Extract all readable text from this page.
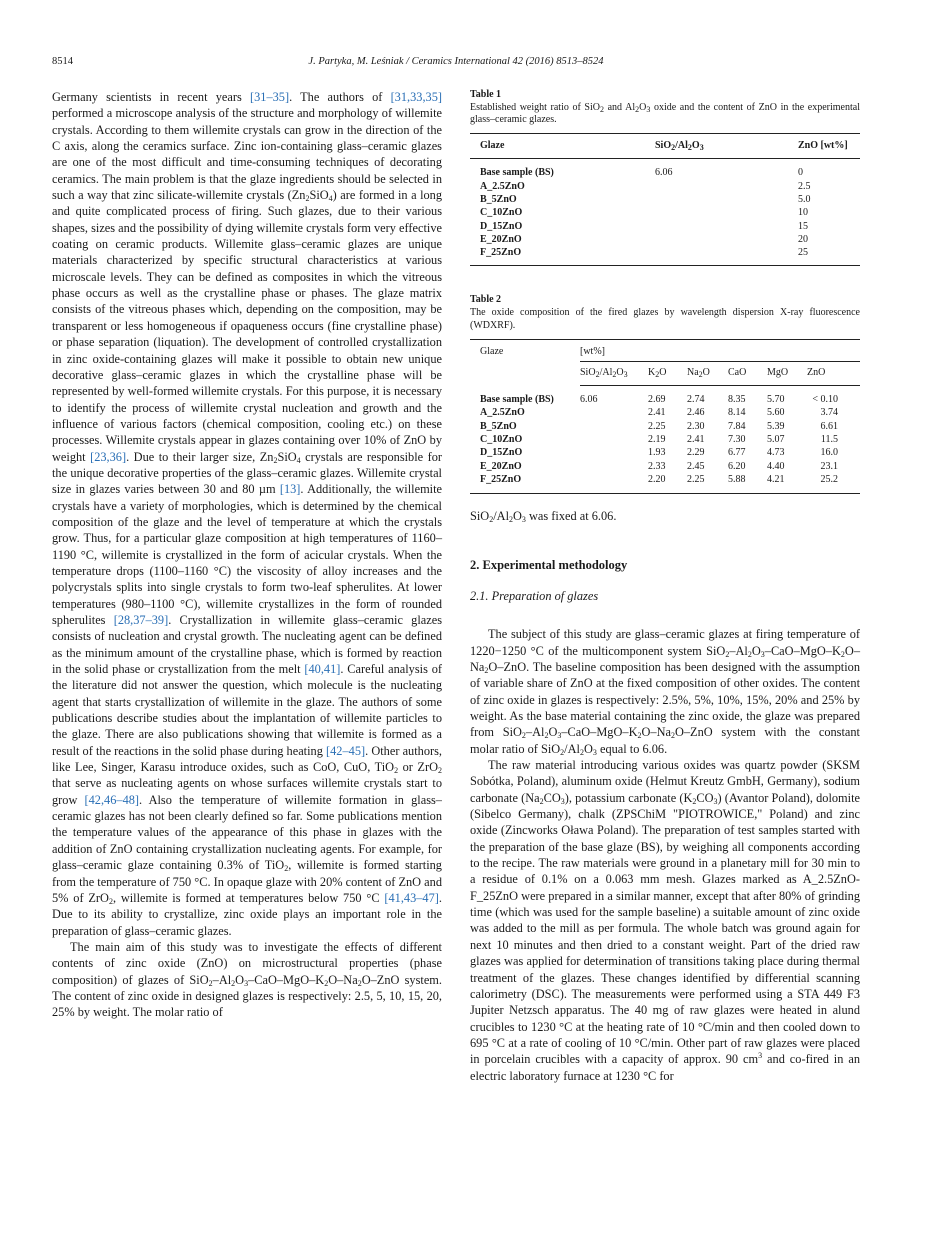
8514	J. Partyka, M. Leśniak / Ceramics International 42 (2016) 8513–8524

Germany scientists in recent years [31–35]. The authors of [31,33,35] performed a microscope analysis of the structure and morphology of willemite crystals. According to them willemite crystals can grow in the direction of the C axis, along the ceramics surface. Zinc ion-containing glass–ceramic glazes are one of the most difficult and time-consuming techniques of decorating ceramics. The main problem is that the glaze ingredients should be selected in such a way that zinc silicate-willemite crystals $(Zn_2SiO_4)$ are formed in a long and quite complicated process of firing. Such glazes, due to their various shapes, sizes and the possibility of dying willemite crystals form very effective coating on ceramic products. Willemite glass–ceramic glazes are unique materials characterized by specific structural characteristics at various microscale levels. They can be defined as composites in which the vitreous phase occurs as well as the crystalline phase or phases. The glaze matrix consists of the vitreous phases which, depending on the composition, may be transparent or less homogeneous if opaqueness occurs (fine crystalline phase) or phase separation (liquation). The development of controlled crystallization in zinc oxide-containing glazes will make it possible to obtain new unique decorative glass–ceramic glazes in which the crystalline phase will be represented by well-formed willemite crystals. For this purpose, it is necessary to identify the process of willemite crystal nucleation and growth and the influence of various factors (chemical composition, cooling etc.) on these processes. Willemite crystals appear in glazes containing over 10% of ZnO by weight [23,36]. Due to their larger size, $Zn_2SiO_4$ crystals are responsible for the unique decorative properties of the glass–ceramic glazes. Willemite crystal size in glazes varies between 30 and 80 µm [13]. Additionally, the willemite crystals have a variety of morphologies, which is determined by the chemical composition of the glaze and the level of temperature at which the crystals grow. Thus, for a particular glaze composition at high temperatures of 1160–1190 °C, willemite is crystallized in the form of acicular crystals. When the temperature drops (1100–1160 °C) the viscosity of alloy increases and the polycrystals splits into single crystals to form two-leaf spherulites. At lower temperatures (980–1100 °C), willemite crystallizes in the form of rounded spherulites [28,37–39]. Crystallization in willemite glass–ceramic glazes consists of nucleation and crystal growth. The nucleating agent can be defined as the minimum amount of the crystalline phase, which is formed by reaction in the solid phase or crystallization from the melt [40,41]. Careful analysis of the literature did not answer the question, which molecule is the nucleating agent that starts crystallization of willemite in the glaze. The authors of some publications describe studies about the implantation of willemite particles to the glaze. There are also publications showing that willemite is formed as a result of the reactions in the solid phase during heating [42–45]. Other authors, like Lee, Singer, Karasu introduce oxides, such as CoO, CuO, TiO$_2$ or ZrO$_2$ that serve as nucleating agents on whose surfaces willemite crystals start to grow [42,46–48]. Also the temperature of willemite formation in glass–ceramic glazes has not been clearly defined so far. Some publications mention the temperature values of the appearance of this phase in glazes with the addition of ZnO containing crystallization nucleating agents. For example, for glass–ceramic glaze containing 0.3% of TiO$_2$, willemite is formed starting from the temperature of 750 °C. In opaque glaze with 20% content of ZnO and 5% of ZrO$_2$, willemite is formed at temperatures below 750 °C [41,43–47]. Due to its ability to crystallize, zinc oxide plays an important role in the preparation of glass–ceramic glazes.

The main aim of this study was to investigate the effects of different contents of zinc oxide (ZnO) on microstructural properties (phase composition) of glazes of $SiO_2-Al_2O_3-CaO-MgO-K_2O-Na_2O$–ZnO system. The content of zinc oxide in designed glazes is respectively: 2.5, 5, 10, 15, 20, 25% by weight. The molar ratio of

Table 1
Established weight ratio of SiO$_2$ and $Al_2O_3$ oxide and the content of ZnO in the experimental glass–ceramic glazes.

Glaze	$SiO_2/Al_2O_3$	ZnO [wt%]
Base sample (BS)	6.06	0
A_2.5ZnO		2.5
B_5ZnO		5.0
C_10ZnO		10
D_15ZnO		15
E_20ZnO		20
F_25ZnO		25

Table 2
The oxide composition of the fired glazes by wavelength dispersion X-ray fluorescence (WDXRF).

Glaze	[wt%]					
	$SiO_2/Al_2O_3$	$K_2O$	$Na_2O$	CaO	MgO	ZnO
Base sample (BS)	6.06	2.69	2.74	8.35	5.70	< 0.10
A_2.5ZnO		2.41	2.46	8.14	5.60	3.74
B_5ZnO		2.25	2.30	7.84	5.39	6.61
C_10ZnO		2.19	2.41	7.30	5.07	11.5
D_15ZnO		1.93	2.29	6.77	4.73	16.0
E_20ZnO		2.33	2.45	6.20	4.40	23.1
F_25ZnO		2.20	2.25	5.88	4.21	25.2

$SiO_2/Al_2O_3$ was fixed at 6.06.

2. Experimental methodology

2.1. Preparation of glazes

The subject of this study are glass–ceramic glazes at firing temperature of 1220−1250 °C of the multicomponent system $SiO_2-Al_2O_3-CaO-MgO-K_2O-Na_2O$–ZnO. The baseline composition has been designed with the assumption of variable share of ZnO at the fixed composition of other oxides. The content of zinc oxide in glazes is respectively: 2.5%, 5%, 10%, 15%, 20% and 25% by weight. As the base material containing the zinc oxide, the glaze was prepared from $SiO_2-Al_2O_3-CaO-MgO-K_2O-Na_2O$–ZnO system with the constant molar ratio of $SiO_2/Al_2O_3$ equal to 6.06.

The raw material introducing various oxides was quartz powder (SKSM Sobótka, Poland), aluminum oxide (Helmut Kreutz GmbH, Germany), sodium carbonate $(Na_2CO_3)$, potassium carbonate $(K_2CO_3)$ (Avantor Poland), dolomite (Sibelco Germany), chalk (ZPSChiM "PIOTROWICE," Poland) and zinc oxide (Zincworks Oława Poland). The preparation of test samples started with the preparation of the base glaze (BS), by weighing all components according to the recipe. The raw materials were ground in a planetary mill for 30 min to a residue of 0.1% on a 0.063 mm mesh. Glazes marked as A_2.5ZnO-F_25ZnO were prepared in a similar manner, except that after 80% of grinding time (which was used for the sample baseline) a suitable amount of zinc oxide was added to the mill as per formula. The whole batch was ground again for next 10 minutes and then dried to a constant weight. Part of the dried raw glazes was applied for determination of transitions taking place during thermal treatment of the glazes. These changes identified by differential scanning calorimetry (DSC). The measurements were performed using a STA 449 F3 Jupiter Netzsch apparatus. The 40 mg of raw glazes were heated in alund crucibles to 1230 °C at the heating rate of 10 °C/min and then cooled down to 695 °C at a rate of cooling of 10 °C/min. Other part of raw glazes were placed in porcelain crucibles with a capacity of approx. 90 $cm^3$ and co-fired in an electric laboratory furnace at 1230 °C for
